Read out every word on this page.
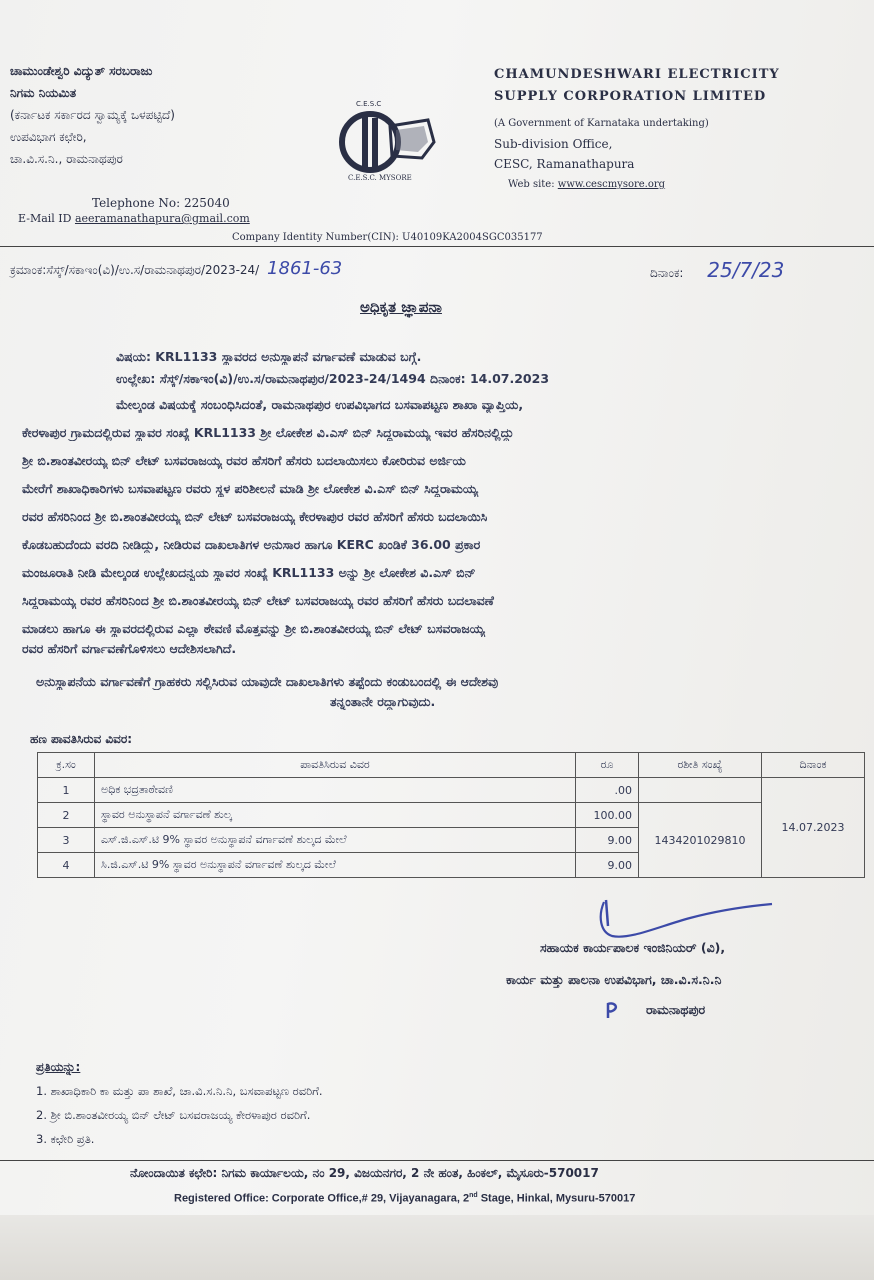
ಚಾಮುಂಡೇಶ್ವರಿ ವಿದ್ಯುತ್ ಸರಬರಾಜು
ನಿಗಮ ನಿಯಮಿತ
(ಕರ್ನಾಟಕ ಸರ್ಕಾರದ ಸ್ವಾಮ್ಯಕ್ಕೆ ಒಳಪಟ್ಟಿದೆ)
ಉಪವಿಭಾಗ ಕಛೇರಿ,
ಚಾ.ವಿ.ಸ.ನಿ., ರಾಮನಾಥಪುರ
Telephone No: 225040
E-Mail ID aeeramanathapura@gmail.com
C.E.S.C
C.E.S.C. MYSORE
CHAMUNDESHWARI ELECTRICITY
SUPPLY CORPORATION LIMITED
(A Government of Karnataka undertaking)
Sub-division Office,
CESC, Ramanathapura
Web site: www.cescmysore.org
Company Identity Number(CIN): U40109KA2004SGC035177
ಕ್ರಮಾಂಕ:ಸೆಸ್ಕ್/ಸಕಾಇಂ(ವಿ)/ಉ.ಸ/ರಾಮನಾಥಪುರ/2023-24/ 1861-63	ದಿನಾಂಕ: 25/7/23
ಅಧಿಕೃತ ಜ್ಞಾಪನಾ
ವಿಷಯ: KRL1133 ಸ್ಥಾವರದ ಅನುಸ್ಥಾಪನೆ ವರ್ಗಾವಣೆ ಮಾಡುವ ಬಗ್ಗೆ.
ಉಲ್ಲೇಖ: ಸೆಸ್ಕ್/ಸಕಾಇಂ(ವಿ)/ಉ.ಸ/ರಾಮನಾಥಪುರ/2023-24/1494 ದಿನಾಂಕ: 14.07.2023
ಮೇಲ್ಕಂಡ ವಿಷಯಕ್ಕೆ ಸಂಬಂಧಿಸಿದಂತೆ, ರಾಮನಾಥಪುರ ಉಪವಿಭಾಗದ ಬಸವಾಪಟ್ಟಣ ಶಾಖಾ ವ್ಯಾಪ್ತಿಯ,
ಕೇರಳಾಪುರ ಗ್ರಾಮದಲ್ಲಿರುವ ಸ್ಥಾವರ ಸಂಖ್ಯೆ KRL1133 ಶ್ರೀ ಲೋಕೇಶ ವಿ.ಎಸ್ ಬಿನ್ ಸಿದ್ದರಾಮಯ್ಯ ಇವರ ಹೆಸರಿನಲ್ಲಿದ್ದು
ಶ್ರೀ ಬಿ.ಶಾಂತವೀರಯ್ಯ ಬಿನ್ ಲೇಟ್ ಬಸವರಾಜಯ್ಯ ರವರ ಹೆಸರಿಗೆ ಹೆಸರು ಬದಲಾಯಿಸಲು ಕೋರಿರುವ ಅರ್ಜಿಯ
ಮೇರೆಗೆ ಶಾಖಾಧಿಕಾರಿಗಳು ಬಸವಾಪಟ್ಟಣ ರವರು ಸ್ಥಳ ಪರಿಶೀಲನೆ ಮಾಡಿ ಶ್ರೀ ಲೋಕೇಶ ವಿ.ಎಸ್ ಬಿನ್ ಸಿದ್ದರಾಮಯ್ಯ
ರವರ ಹೆಸರಿನಿಂದ ಶ್ರೀ ಬಿ.ಶಾಂತವೀರಯ್ಯ ಬಿನ್ ಲೇಟ್ ಬಸವರಾಜಯ್ಯ ಕೇರಳಾಪುರ ರವರ ಹೆಸರಿಗೆ ಹೆಸರು ಬದಲಾಯಿಸಿ
ಕೊಡಬಹುದೆಂದು ವರದಿ ನೀಡಿದ್ದು, ನೀಡಿರುವ ದಾಖಲಾತಿಗಳ ಅನುಸಾರ ಹಾಗೂ KERC ಖಂಡಿಕೆ 36.00 ಪ್ರಕಾರ
ಮಂಜೂರಾತಿ ನೀಡಿ ಮೇಲ್ಕಂಡ ಉಲ್ಲೇಖದನ್ವಯ ಸ್ಥಾವರ ಸಂಖ್ಯೆ KRL1133 ಅನ್ನು ಶ್ರೀ ಲೋಕೇಶ ವಿ.ಎಸ್ ಬಿನ್
ಸಿದ್ದರಾಮಯ್ಯ ರವರ ಹೆಸರಿನಿಂದ ಶ್ರೀ ಬಿ.ಶಾಂತವೀರಯ್ಯ ಬಿನ್ ಲೇಟ್ ಬಸವರಾಜಯ್ಯ ರವರ ಹೆಸರಿಗೆ ಹೆಸರು ಬದಲಾವಣೆ
ಮಾಡಲು ಹಾಗೂ ಈ ಸ್ಥಾವರದಲ್ಲಿರುವ ಎಲ್ಲಾ ಠೇವಣಿ ಮೊತ್ತವನ್ನು ಶ್ರೀ ಬಿ.ಶಾಂತವೀರಯ್ಯ ಬಿನ್ ಲೇಟ್ ಬಸವರಾಜಯ್ಯ
ರವರ ಹೆಸರಿಗೆ ವರ್ಗಾವಣೆಗೊಳಿಸಲು ಆದೇಶಿಸಲಾಗಿದೆ.
ಅನುಸ್ಥಾಪನೆಯ ವರ್ಗಾವಣೆಗೆ ಗ್ರಾಹಕರು ಸಲ್ಲಿಸಿರುವ ಯಾವುದೇ ದಾಖಲಾತಿಗಳು ತಪ್ಪೆಂದು ಕಂಡುಬಂದಲ್ಲಿ ಈ ಆದೇಶವು
ತನ್ನಂತಾನೇ ರದ್ದಾಗುವುದು.
ಹಣ ಪಾವತಿಸಿರುವ ವಿವರ:
ಕ್ರ.ಸಂ	ಪಾವತಿಸಿರುವ ವಿವರ	ರೂ	ರಶೀತಿ ಸಂಖ್ಯೆ	ದಿನಾಂಕ
1	ಅಧಿಕ ಭದ್ರತಾಠೇವಣಿ	.00		14.07.2023
2	ಸ್ಥಾವರ ಅನುಸ್ಥಾಪನೆ ವರ್ಗಾವಣೆ ಶುಲ್ಕ	100.00	1434201029810	
3	ಎಸ್.ಜಿ.ಎಸ್.ಟಿ 9% ಸ್ಥಾವರ ಅನುಸ್ಥಾಪನೆ ವರ್ಗಾವಣೆ ಶುಲ್ಕದ ಮೇಲೆ	9.00		
4	ಸಿ.ಜಿ.ಎಸ್.ಟಿ 9% ಸ್ಥಾವರ ಅನುಸ್ಥಾಪನೆ ವರ್ಗಾವಣೆ ಶುಲ್ಕದ ಮೇಲೆ	9.00		
ಸಹಾಯಕ ಕಾರ್ಯಪಾಲಕ ಇಂಜಿನಿಯರ್ (ವಿ),
ಕಾರ್ಯ ಮತ್ತು ಪಾಲನಾ ಉಪವಿಭಾಗ, ಚಾ.ವಿ.ಸ.ನಿ.ನಿ
ರಾಮನಾಥಪುರ
ಪ್ರತಿಯನ್ನು:
1. ಶಾಖಾಧಿಕಾರಿ ಕಾ ಮತ್ತು ಪಾ ಶಾಖೆ, ಚಾ.ವಿ.ಸ.ನಿ.ನಿ, ಬಸವಾಪಟ್ಟಣ ರವರಿಗೆ.
2. ಶ್ರೀ ಬಿ.ಶಾಂತವೀರಯ್ಯ ಬಿನ್ ಲೇಟ್ ಬಸವರಾಜಯ್ಯ ಕೇರಳಾಪುರ ರವರಿಗೆ.
3. ಕಛೇರಿ ಪ್ರತಿ.
ನೋಂದಾಯಿತ ಕಛೇರಿ: ನಿಗಮ ಕಾರ್ಯಾಲಯ, ನಂ 29, ವಿಜಯನಗರ, 2 ನೇ ಹಂತ, ಹಿಂಕಲ್, ಮೈಸೂರು-570017
Registered Office: Corporate Office,# 29, Vijayanagara, 2nd Stage, Hinkal, Mysuru-570017
